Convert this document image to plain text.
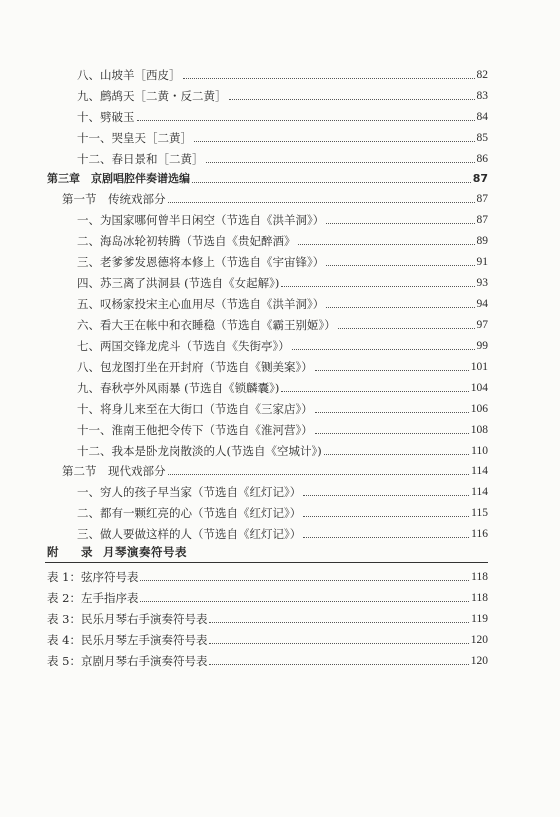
八、山坡羊［西皮］	82
九、鹧鸪天［二黄・反二黄］	83
十、劈破玉	84
十一、哭皇天［二黄］	85
十二、春日景和［二黄］	86
第三章　京剧唱腔伴奏谱选编	87
第一节　传统戏部分	87
一、为国家哪何曾半日闲空（节选自《洪羊洞》）	87
二、海岛冰轮初转腾（节选自《贵妃醉酒》	89
三、老爹爹发恩德将本修上（节选自《宇宙锋》）	91
四、苏三离了洪洞县 (节选自《女起解》)	93
五、叹杨家投宋主心血用尽（节选自《洪羊洞》）	94
六、看大王在帐中和衣睡稳（节选自《霸王别姬》）	97
七、两国交锋龙虎斗（节选自《失街亭》）	99
八、包龙图打坐在开封府（节选自《铡美案》）	101
九、春秋亭外风雨暴 (节选自《锁麟囊》)	104
十、将身儿来至在大街口（节选自《三家店》）	106
十一、淮南王他把令传下（节选自《淮河营》）	108
十二、我本是卧龙岗散淡的人(节选自《空城计》)	110
第二节　现代戏部分	114
一、穷人的孩子早当家（节选自《红灯记》）	114
二、都有一颗红亮的心（节选自《红灯记》）	115
三、做人要做这样的人（节选自《红灯记》）	116
附 录 月琴演奏符号表
表 1：弦序符号表	118
表 2：左手指序表	118
表 3：民乐月琴右手演奏符号表	119
表 4：民乐月琴左手演奏符号表	120
表 5：京剧月琴右手演奏符号表	120
